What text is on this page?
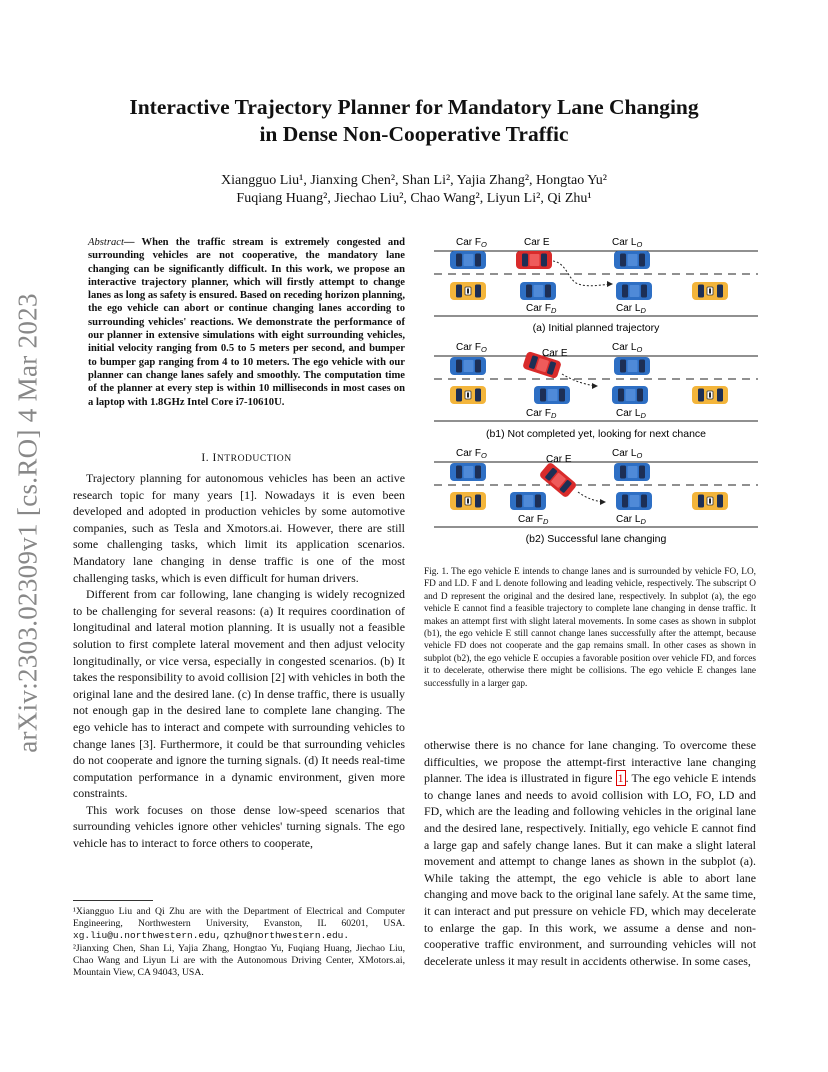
Interactive Trajectory Planner for Mandatory Lane Changing
in Dense Non-Cooperative Traffic
Xiangguo Liu¹, Jianxing Chen², Shan Li², Yajia Zhang², Hongtao Yu²
Fuqiang Huang², Jiechao Liu², Chao Wang², Liyun Li², Qi Zhu¹
arXiv:2303.02309v1 [cs.RO] 4 Mar 2023
Abstract— When the traffic stream is extremely congested and surrounding vehicles are not cooperative, the mandatory lane changing can be significantly difficult. In this work, we propose an interactive trajectory planner, which will firstly attempt to change lanes as long as safety is ensured. Based on receding horizon planning, the ego vehicle can abort or continue changing lanes according to surrounding vehicles' reactions. We demonstrate the performance of our planner in extensive simulations with eight surrounding vehicles, initial velocity ranging from 0.5 to 5 meters per second, and bumper to bumper gap ranging from 4 to 10 meters. The ego vehicle with our planner can change lanes safely and smoothly. The computation time of the planner at every step is within 10 milliseconds in most cases on a laptop with 1.8GHz Intel Core i7-10610U.
I. INTRODUCTION

Trajectory planning for autonomous vehicles has been an active research topic for many years [1]. Nowadays it is even been developed and adopted in production vehicles by some automotive companies, such as Tesla and Xmotors.ai. However, there are still some challenging tasks, which limit its application scenarios. Mandatory lane changing in dense traffic is one of the most challenging tasks, which is even difficult for human drivers.

Different from car following, lane changing is widely recognized to be challenging for several reasons: (a) It requires coordination of longitudinal and lateral motion planning. It is usually not a feasible solution to first complete lateral movement and then adjust velocity longitudinally, or vice versa, especially in congested scenarios. (b) It takes the responsibility to avoid collision [2] with vehicles in both the original lane and the desired lane. (c) In dense traffic, there is usually not enough gap in the desired lane to complete lane changing. The ego vehicle has to interact and compete with surrounding vehicles to change lanes [3]. Furthermore, it could be that surrounding vehicles do not cooperate and ignore the turning signals. (d) It needs real-time computation performance in a dynamic environment, given more constraints.

This work focuses on those dense low-speed scenarios that surrounding vehicles ignore other vehicles' turning signals. The ego vehicle has to interact to force others to cooperate,

¹Xiangguo Liu and Qi Zhu are with the Department of Electrical and Computer Engineering, Northwestern University, Evanston, IL 60201, USA. xg.liu@u.northwestern.edu, qzhu@northwestern.edu.
²Jianxing Chen, Shan Li, Yajia Zhang, Hongtao Yu, Fuqiang Huang, Jiechao Liu, Chao Wang and Liyun Li are with the Autonomous Driving Center, XMotors.ai, Mountain View, CA 94043, USA.
Car $F_O$	Car E	Car $L_O$
Car $F_D$	Car $L_D$
(a) Initial planned trajectory
Car $F_O$	Car E
Car $L_O$
Car $F_D$	Car $L_D$
(b1) Not completed yet, looking for next chance
Car $F_O$	Car E
Car $L_O$
Car $F_D$	Car $L_D$
(b2) Successful lane changing
Fig. 1. The ego vehicle E intends to change lanes and is surrounded by vehicle FO, LO, FD and LD. F and L denote following and leading vehicle, respectively. The subscript O and D represent the original and the desired lane, respectively. In subplot (a), the ego vehicle E cannot find a feasible trajectory to complete lane changing in dense traffic. It makes an attempt first with slight lateral movements. In some cases as shown in subplot (b1), the ego vehicle E still cannot change lanes successfully after the attempt, because vehicle FD does not cooperate and the gap remains small. In other cases as shown in subplot (b2), the ego vehicle E occupies a favorable position over vehicle FD, and forces it to decelerate, otherwise there might be collisions. The ego vehicle E changes lane successfully in a larger gap.
otherwise there is no chance for lane changing. To overcome these difficulties, we propose the attempt-first interactive lane changing planner. The idea is illustrated in figure 1 . The ego vehicle E intends to change lanes and needs to avoid collision with LO, FO, LD and FD, which are the leading and following vehicles in the original lane and the desired lane, respectively. Initially, ego vehicle E cannot find a large gap and safely change lanes. But it can make a slight lateral movement and attempt to change lanes as shown in the subplot (a). While taking the attempt, the ego vehicle is able to abort lane changing and move back to the original lane safely. At the same time, it can interact and put pressure on vehicle FD, which may decelerate to enlarge the gap. In this work, we assume a dense and non-cooperative traffic environment, and surrounding vehicles will not decelerate unless it may result in accidents otherwise. In some cases,
